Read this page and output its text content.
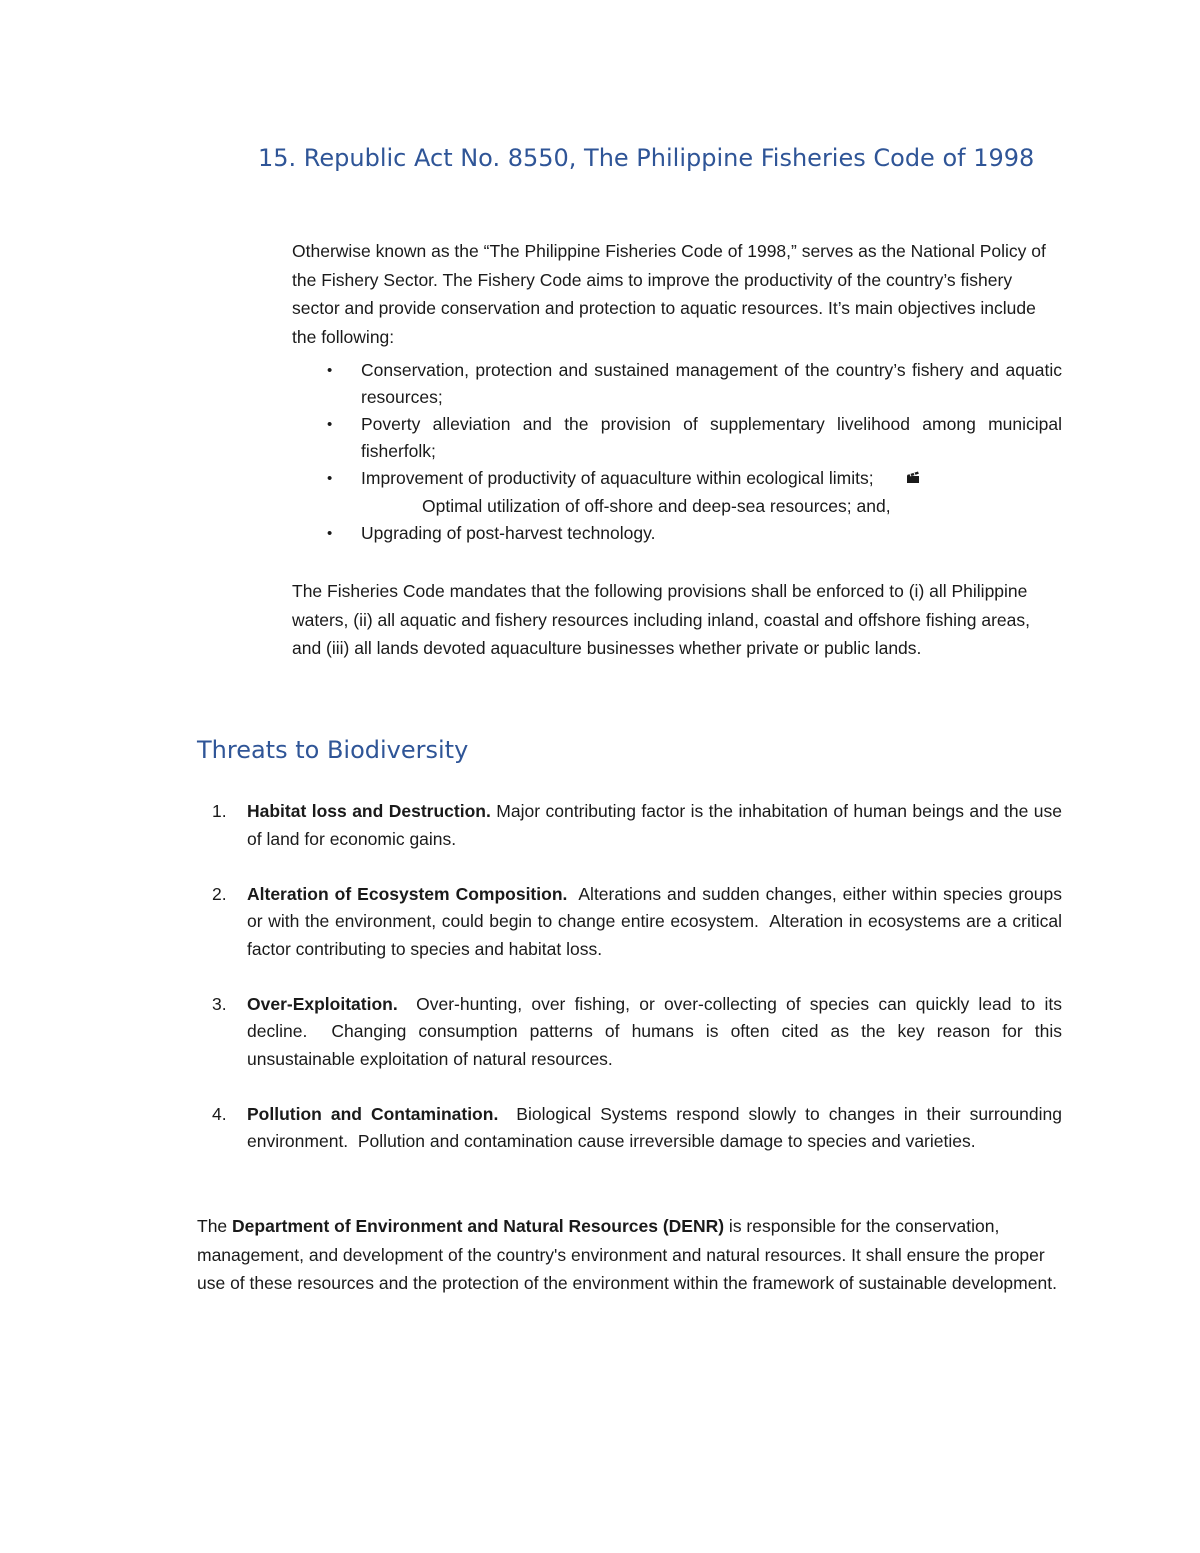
15. Republic Act No. 8550, The Philippine Fisheries Code of 1998

Otherwise known as the “The Philippine Fisheries Code of 1998,” serves as the National Policy of the Fishery Sector. The Fishery Code aims to improve the productivity of the country’s fishery sector and provide conservation and protection to aquatic resources. It’s main objectives include the following:

• Conservation, protection and sustained management of the country’s fishery and aquatic resources;
• Poverty alleviation and the provision of supplementary livelihood among municipal fisherfolk;
• Improvement of productivity of aquaculture within ecological limits;
Optimal utilization of off-shore and deep-sea resources; and,
• Upgrading of post-harvest technology.

The Fisheries Code mandates that the following provisions shall be enforced to (i) all Philippine waters, (ii) all aquatic and fishery resources including inland, coastal and offshore fishing areas, and (iii) all lands devoted aquaculture businesses whether private or public lands.

Threats to Biodiversity
1. Habitat loss and Destruction. Major contributing factor is the inhabitation of human beings and the use of land for economic gains.
2. Alteration of Ecosystem Composition.  Alterations and sudden changes, either within species groups or with the environment, could begin to change entire ecosystem.  Alteration in ecosystems are a critical factor contributing to species and habitat loss.
3. Over-Exploitation.  Over-hunting, over fishing, or over-collecting of species can quickly lead to its decline.  Changing consumption patterns of humans is often cited as the key reason for this unsustainable exploitation of natural resources.
4. Pollution and Contamination.  Biological Systems respond slowly to changes in their surrounding environment.  Pollution and contamination cause irreversible damage to species and varieties.

The Department of Environment and Natural Resources (DENR) is responsible for the conservation, management, and development of the country's environment and natural resources. It shall ensure the proper use of these resources and the protection of the environment within the framework of sustainable development.
